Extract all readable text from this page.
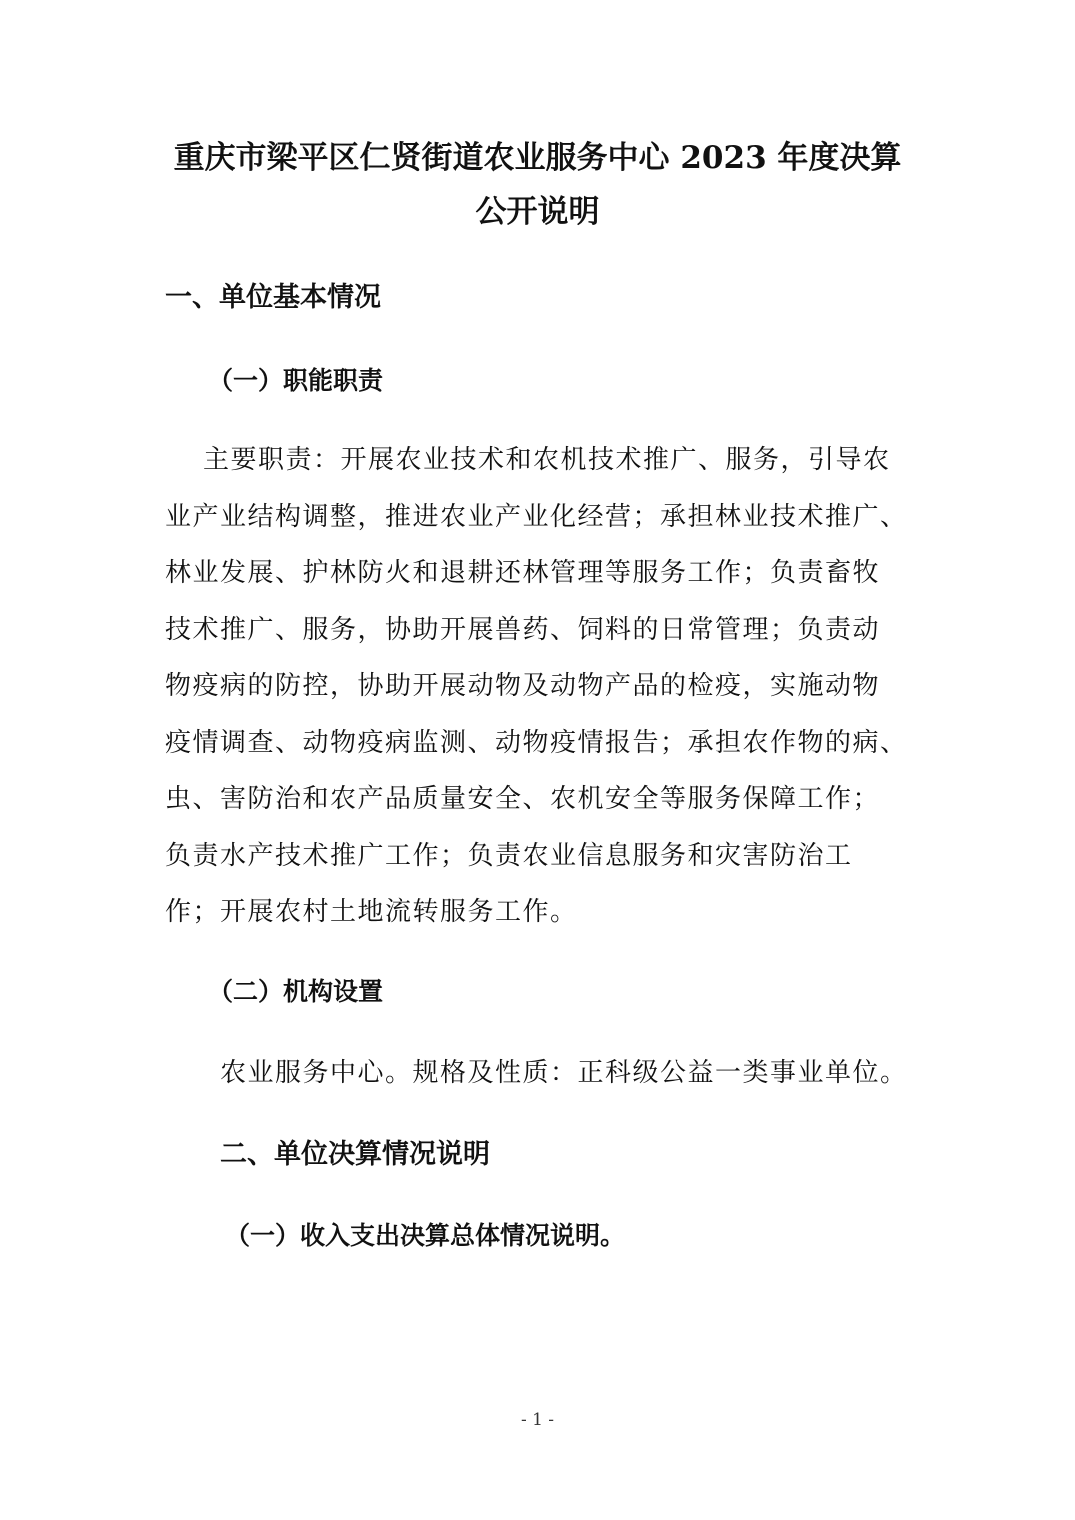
重庆市梁平区仁贤街道农业服务中心 2023 年度决算
公开说明
一、单位基本情况
（一）职能职责
主要职责：开展农业技术和农机技术推广、服务，引导农
业产业结构调整，推进农业产业化经营；承担林业技术推广、
林业发展、护林防火和退耕还林管理等服务工作；负责畜牧
技术推广、服务，协助开展兽药、饲料的日常管理；负责动
物疫病的防控，协助开展动物及动物产品的检疫，实施动物
疫情调查、动物疫病监测、动物疫情报告；承担农作物的病、
虫、害防治和农产品质量安全、农机安全等服务保障工作；
负责水产技术推广工作；负责农业信息服务和灾害防治工
作；开展农村土地流转服务工作。
（二）机构设置
农业服务中心。规格及性质：正科级公益一类事业单位。
二、单位决算情况说明
（一）收入支出决算总体情况说明。
- 1 -
